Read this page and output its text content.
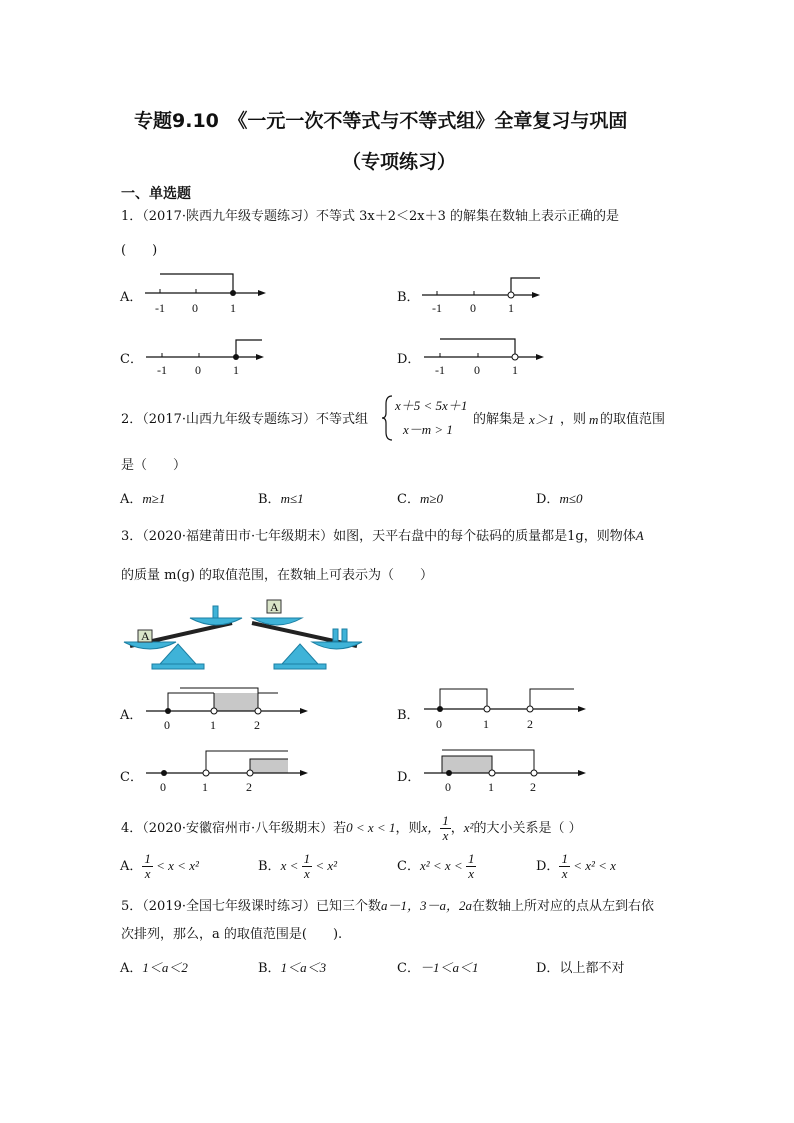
专题9.10　《一元一次不等式与不等式组》全章复习与巩固
（专项练习）
一、单选题
1．（2017·陕西九年级专题练习）不等式 3x＋2＜2x＋3 的解集在数轴上表示正确的是
(　　)
A．
-1 0	1
B．
-1 0	1
C．
-1 0	1
D．
-1 0	1
2．（2017·山西九年级专题练习）不等式组
x＋5 < 5x＋1
x－m > 1
的解集是 x＞1 ，则 m 的取值范围
是（　　）
A．m≥1	B．m≤1	C．m≥0	D．m≤0
3．（2020·福建莆田市·七年级期末）如图，天平右盘中的每个砝码的质量都是1g，则物体A
的质量 m(g) 的取值范围，在数轴上可表示为（　　）
A
A
A．
0	1	2
B．
0	1	2
C．
0	1	2
D．
0	1	2
4．（2020·安徽宿州市·八年级期末）若0 < x < 1，则x， $\frac{1}{x}$ ，x²的大小关系是（ ）
A． $\frac{1}{x} < x < x^2$	B．$x < \frac{1}{x} < x^2$	C．$x^2 < x < \frac{1}{x}$	D． $\frac{1}{x} < x^2 < x$
5．（2019·全国七年级课时练习）已知三个数a－1，3－a，2a在数轴上所对应的点从左到右依
次排列，那么，a 的取值范围是(　　).
A．1＜a＜2	B．1＜a＜3	C．－1＜a＜1	D．以上都不对
